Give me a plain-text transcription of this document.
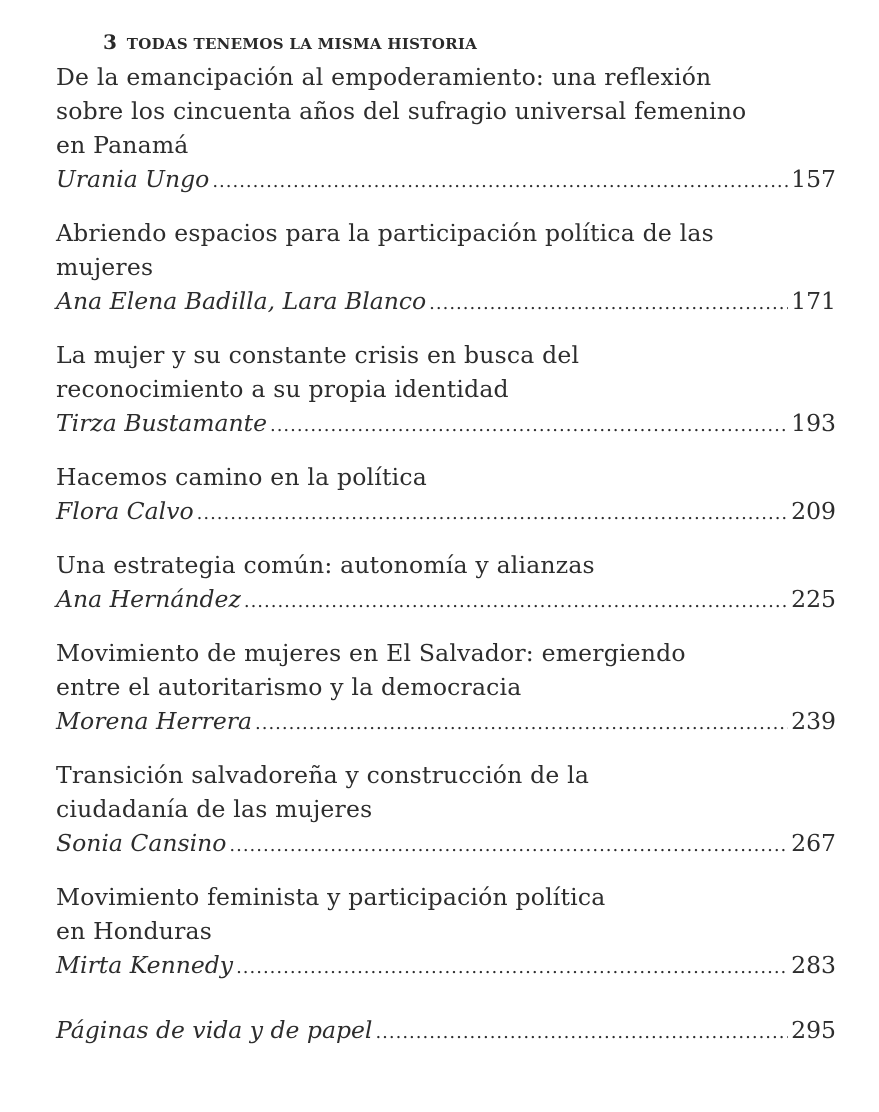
3 TODAS TENEMOS LA MISMA HISTORIA
De la emancipación al empoderamiento: una reflexión
sobre los cincuenta años del sufragio universal femenino
en Panamá
Urania Ungo .....	157
Abriendo espacios para la participación política de las
mujeres
Ana Elena Badilla, Lara Blanco .....	171
La mujer y su constante crisis en busca del
reconocimiento a su propia identidad
Tirza Bustamante .....	193
Hacemos camino en la política
Flora Calvo .....	209
Una estrategia común: autonomía y alianzas
Ana Hernández .....	225
Movimiento de mujeres en El Salvador: emergiendo
entre el autoritarismo y la democracia
Morena Herrera .....	239
Transición salvadoreña y construcción de la
ciudadanía de las mujeres
Sonia Cansino .....	267
Movimiento feminista y participación política
en Honduras
Mirta Kennedy .....	283
Páginas de vida y de papel .....	295
